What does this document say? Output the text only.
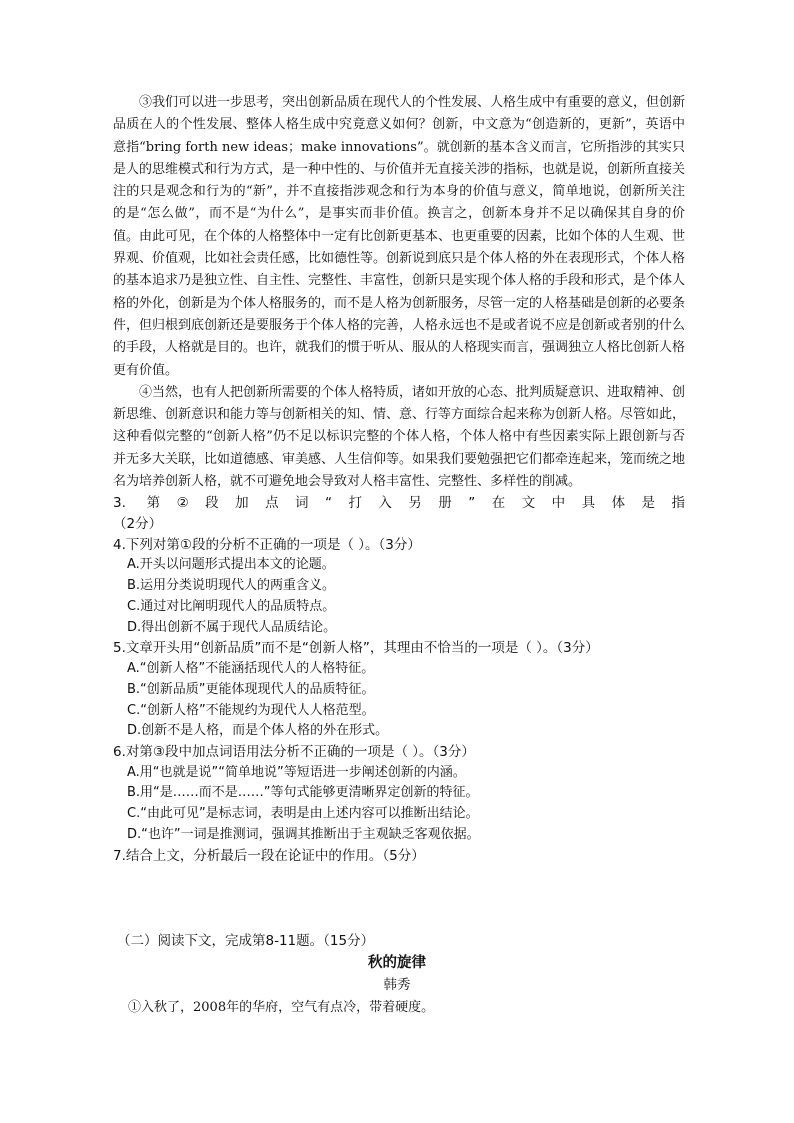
③我们可以进一步思考，突出创新品质在现代人的个性发展、人格生成中有重要的意义，但创新品质在人的个性发展、整体人格生成中究竟意义如何？创新，中文意为“创造新的，更新”，英语中意指“bring forth new ideas；make innovations”。就创新的基本含义而言，它所指涉的其实只是人的思维模式和行为方式，是一种中性的、与价值并无直接关涉的指标，也就是说，创新所直接关注的只是观念和行为的“新”，并不直接指涉观念和行为本身的价值与意义，简单地说，创新所关注的是“怎么做”，而不是“为什么”，是事实而非价值。换言之，创新本身并不足以确保其自身的价值。由此可见，在个体的人格整体中一定有比创新更基本、也更重要的因素，比如个体的人生观、世界观、价值观，比如社会责任感，比如德性等。创新说到底只是个体人格的外在表现形式，个体人格的基本追求乃是独立性、自主性、完整性、丰富性，创新只是实现个体人格的手段和形式，是个体人格的外化，创新是为个体人格服务的，而不是人格为创新服务，尽管一定的人格基础是创新的必要条件，但归根到底创新还是要服务于个体人格的完善，人格永远也不是或者说不应是创新或者别的什么的手段，人格就是目的。也许，就我们的惯于听从、服从的人格现实而言，强调独立人格比创新人格更有价值。

④当然，也有人把创新所需要的个体人格特质，诸如开放的心态、批判质疑意识、进取精神、创新思维、创新意识和能力等与创新相关的知、情、意、行等方面综合起来称为创新人格。尽管如此，这种看似完整的“创新人格”仍不足以标识完整的个体人格，个体人格中有些因素实际上跟创新与否并无多大关联，比如道德感、审美感、人生信仰等。如果我们要勉强把它们都牵连起来，笼而统之地名为培养创新人格，就不可避免地会导致对人格丰富性、完整性、多样性的削减。

3. 第②段加点词“打入另册”在文中具体是指

（2分）

4.下列对第①段的分析不正确的一项是（ ）。（3分）

A.开头以问题形式提出本文的论题。

B.运用分类说明现代人的两重含义。

C.通过对比阐明现代人的品质特点。

D.得出创新不属于现代人品质结论。

5.文章开头用“创新品质”而不是“创新人格”，其理由不恰当的一项是（ ）。（3分）

A.“创新人格”不能涵括现代人的人格特征。

B.“创新品质”更能体现现代人的品质特征。

C.“创新人格”不能规约为现代人人格范型。

D.创新不是人格，而是个体人格的外在形式。

6.对第③段中加点词语用法分析不正确的一项是（ ）。（3分）

A.用“也就是说”“简单地说”等短语进一步阐述创新的内涵。

B.用“是……而不是……”等句式能够更清晰界定创新的特征。

C.“由此可见”是标志词，表明是由上述内容可以推断出结论。

D.“也许”一词是推测词，强调其推断出于主观缺乏客观依据。

7.结合上文，分析最后一段在论证中的作用。（5分）

（二）阅读下文，完成第8-11题。（15分）

秋的旋律

韩秀

①入秋了，2008年的华府，空气有点冷，带着硬度。
